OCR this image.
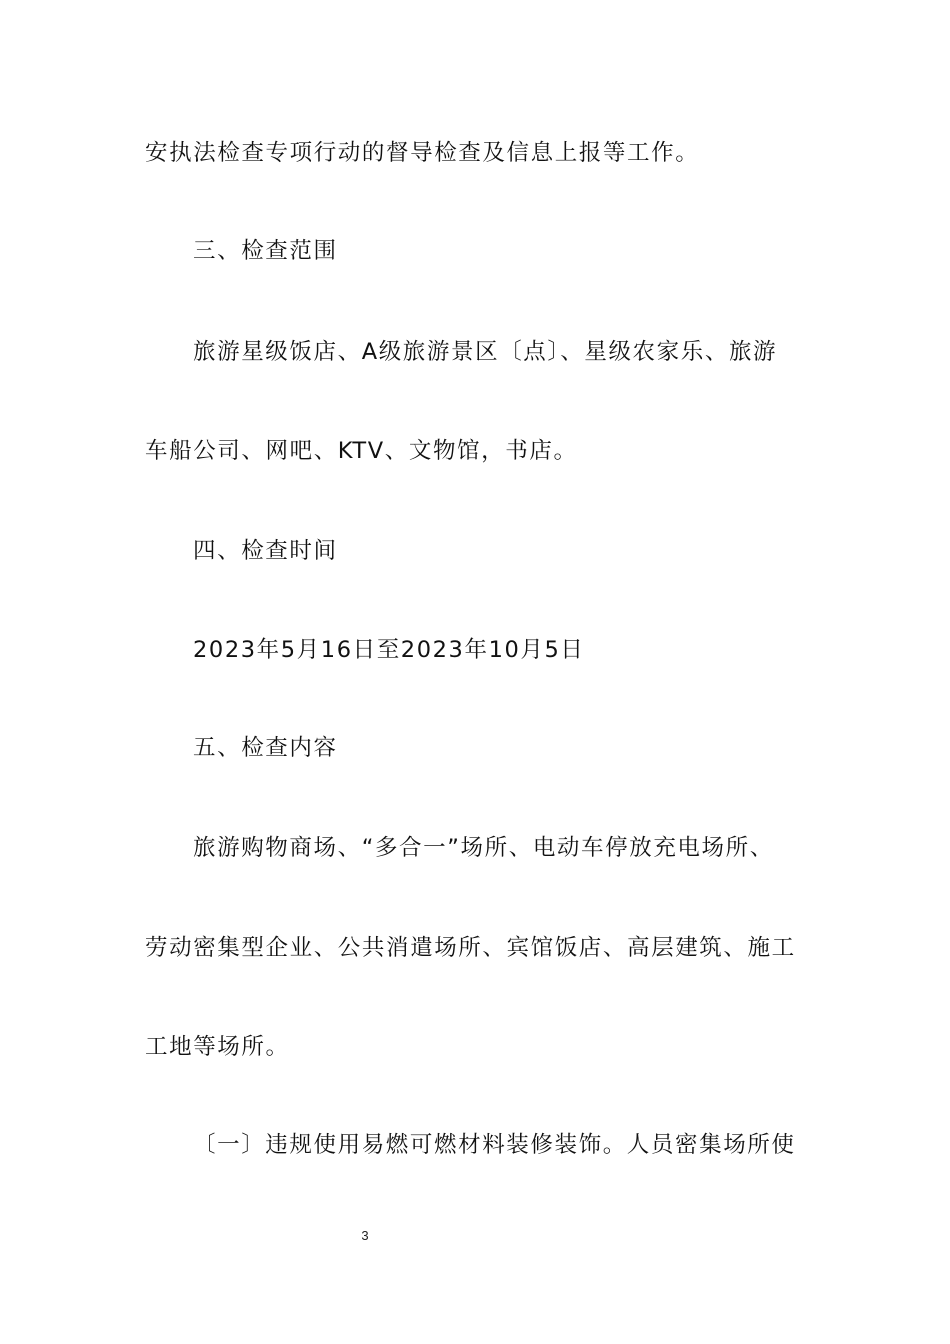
安执法检查专项行动的督导检查及信息上报等工作。
三、检查范围
旅游星级饭店、A级旅游景区〔点〕、星级农家乐、旅游
车船公司、网吧、KTV、文物馆，书店。
四、检查时间
2023年5月16日至2023年10月5日
五、检查内容
旅游购物商场、“多合一”场所、电动车停放充电场所、
劳动密集型企业、公共消遣场所、宾馆饭店、高层建筑、施工
工地等场所。
〔一〕违规使用易燃可燃材料装修装饰。人员密集场所使
3
